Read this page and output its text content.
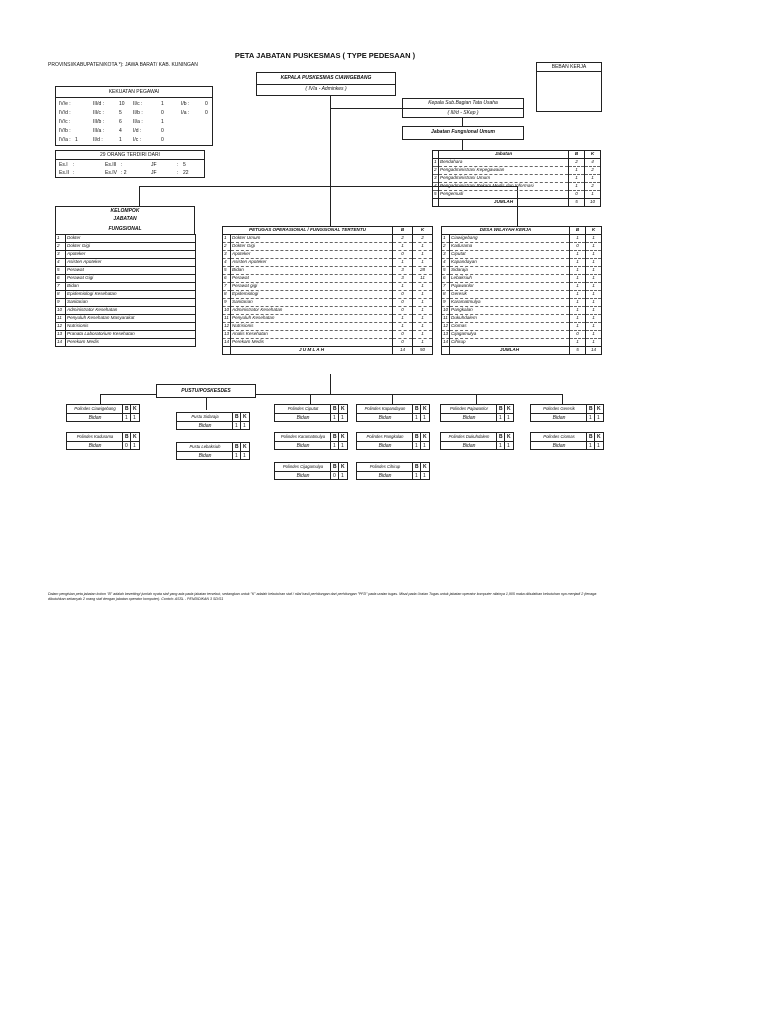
PETA JABATAN PUSKESMAS ( TYPE PEDESAAN )
PROVINSI/KABUPATEN/KOTA *): JAWA BARAT/ KAB. KUNINGAN	BEBAN KERJA
KEPALA PUSKESMAS CIAWIGEBANG
( IV/a - Adminkes )
KEKUATAN PEGAWAI
IV/e :	III/d :	10 II/c :	1	I/b :	0
IV/d :	III/c :	5 II/b :	0	I/a :	0
IV/c :	III/b :	6 II/a :	1
IV/b :	III/a :	4 I/d :	0
IV/a : 1	II/d :	1 I/c :	0
29 ORANG TERDIRI DARI
Es.I :	Es.III :	JF	: 5
Es.II :	Es.IV : 2	JF	: 22
Kepala Sub.Bagian Tata Usaha
( III/d - SKep )
Jabatan Fungsional Umum
	Jabatan	B	K
1	Bendahara	2	4
2	Pengadministrasi Kepegawaian	1	2
3	Pengadministrasi Umum	1	1
4	Pengadministrasi Rekam Medis dan Informasi	1	2
5	Pengemudi	0	1
	JUMLAH	5	10
KELOMPOK
JABATAN
FUNGSIONAL
1	Dokter
2	Dokter Gigi
3	Apoteker
4	Asisten Apoteker
5	Perawat
6	Perawat Gigi
7	Bidan
8	Epidemiologi Kesehatan
9	Sanitarian
10	Administrator Kesehatan
11	Penyuluh Kesehatan Masyarakat
12	Nutrisionis
13	Pranata Laboratorium Kesehatan
14	Perekam Medis
PETUGAS OPERASIONAL / FUNGSIONAL TERTENTU		B	K
1	Dokter Umum	2	2
2	Dokter Gigi	1	1
3	Apoteker	0	1
4	Asisten Apoteker	1	1
5	Bidan	3	28
6	Perawat	3	11
7	Perawat gigi	1	1
8	Epidemiologi	0	1
9	Sanitarian	0	1
10	Administrator Kesehatan	0	1
11	Penyuluh Kesehatan	1	1
12	Nutrisionis	1	1
13	Analis Kesehatan	0	1
14	Perekam Medis	0	1
	J U M L A H	14	50
DESA WILAYAH KERJA		B	K
1	Ciawigebang	1	1
2	Kadurama	0	1
3	Ciputat	1	1
4	Kapandayan	1	1
5	Sidaraja	1	1
6	Lebaksiuh	1	1
7	Pajawanlor	1	1
8	Geresik	1	1
9	Karamatmulya	1	1
10	Pangkalan	1	1
11	Dukuhdalem	1	1
12	Ciomas	1	1
13	Cijagamulya	0	1
14	Cihirup	1	1
	JUMLAH	5	14
PUSTU/POSKESDES
Polindes Ciawigebang
Bidan
B K
1 1
Polindes Kadurama
Bidan
B K
0 1
Pustu Sidaraja
Bidan
B K
1 1
Pustu Lebaksiuh
Bidan
B K
1 1
Polindes Ciputat
Bidan
B K
1 1
Polindes Karamatmulya
Bidan
B K
1 1
Polindes Cijagamulya
Bidan
B K
0 1
Polindes Kapandayan
Bidan
B K
1 1
Polindes Pangkalan
Bidan
B K
1 1
Polindes Cihirup
Bidan
B K
1 1
Polindes Pajawanlor
Bidan
B K
1 1
Polindes Dukuhdalem
Bidan
B K
1 1
Polindes Geresik
Bidan
B K
1 1
Polindes Ciomas
Bidan
B K
1 1
Dalam pengisian peta jabatan kolom "B" adalah bezetting/ jumlah nyata staf yang ada pada jabatan tersebut, sedangkan untuk "K" adalah kebutuhan staf / nilai hasil perhitungan dari perhitungan "PFD" pada uraian tugas. Misal pada Uraian Tugas untuk jabatan operator komputer nilainya 1,905 maka dibulatkan kebutuhan nya menjadi 2 (tenaga dibutuhkan sebanyak 2 orang staf dengan jabatan operator komputer). Contoh: ASSL - PENDIDIKAN 3 SD/S1
